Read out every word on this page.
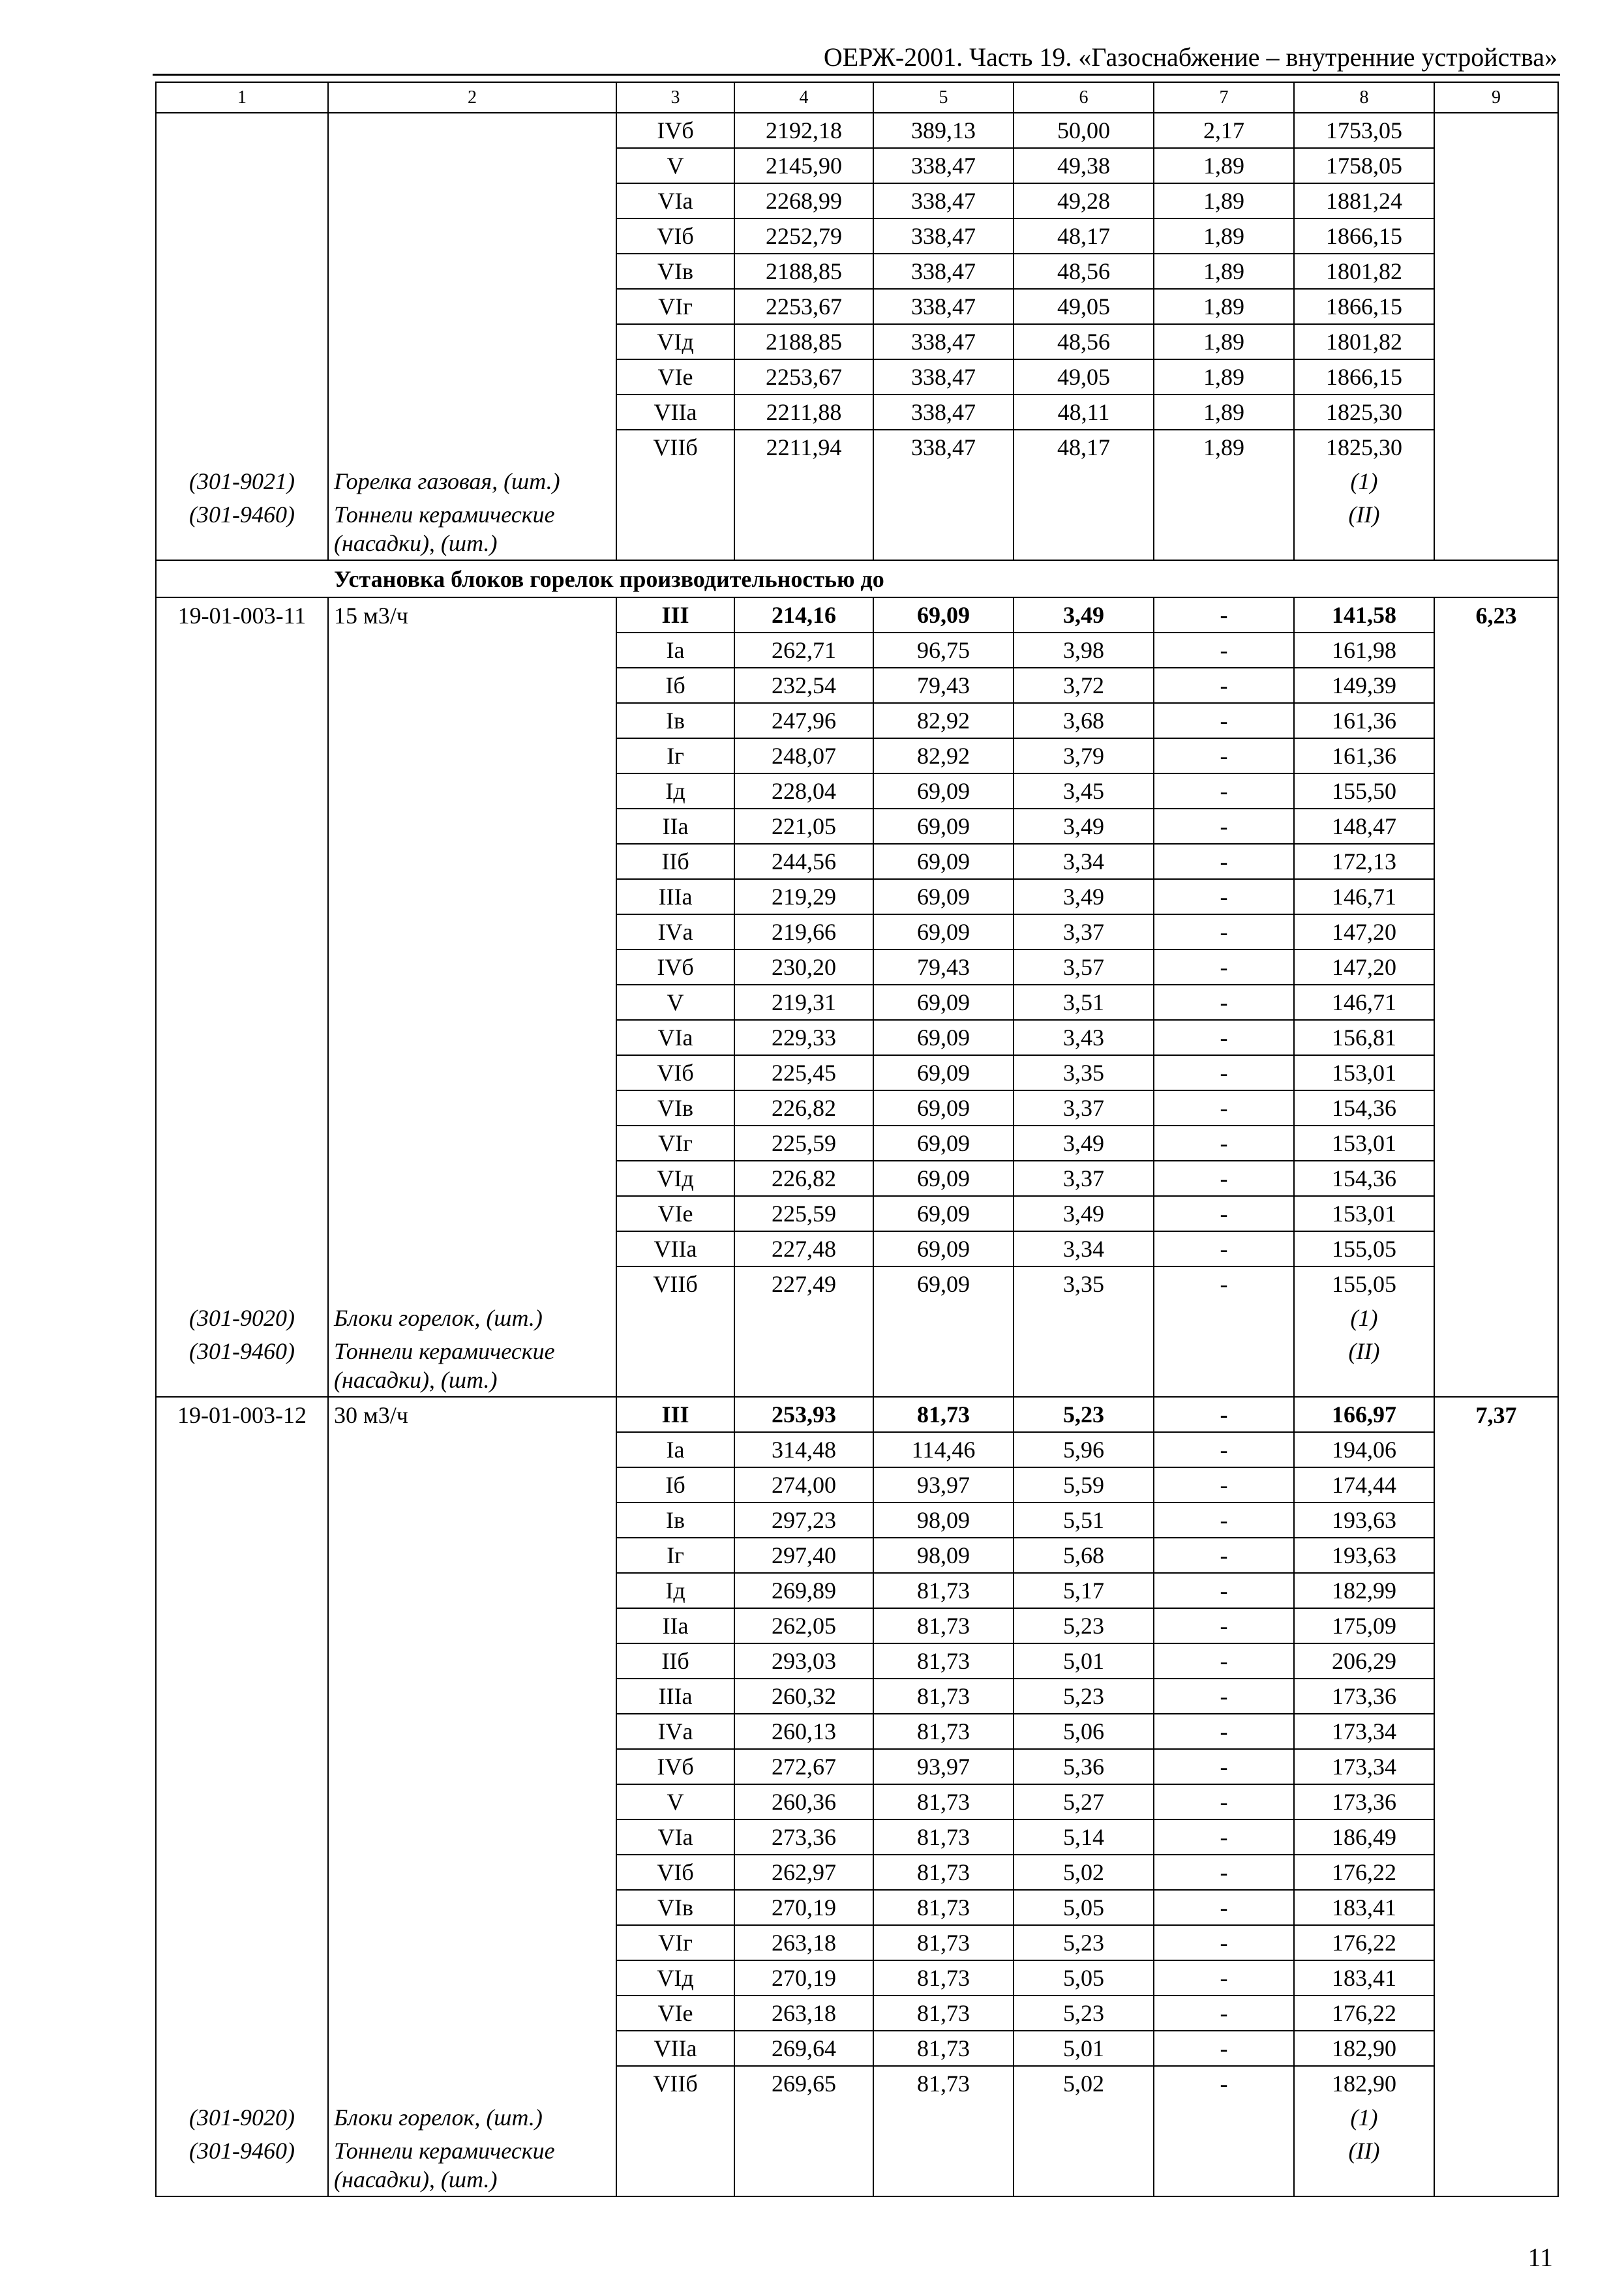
ОЕРЖ-2001. Часть 19. «Газоснабжение – внутренние устройства»
1	2	3	4	5	6	7	8	9
		IVб	2192,18	389,13	50,00	2,17	1753,05	
		V	2145,90	338,47	49,38	1,89	1758,05	
		VIа	2268,99	338,47	49,28	1,89	1881,24	
		VIб	2252,79	338,47	48,17	1,89	1866,15	
		VIв	2188,85	338,47	48,56	1,89	1801,82	
		VIг	2253,67	338,47	49,05	1,89	1866,15	
		VIд	2188,85	338,47	48,56	1,89	1801,82	
		VIе	2253,67	338,47	49,05	1,89	1866,15	
		VIIа	2211,88	338,47	48,11	1,89	1825,30	
		VIIб	2211,94	338,47	48,17	1,89	1825,30	
(301-9021)	Горелка газовая, (шт.)						(1)	
(301-9460)	Тоннели керамические (насадки), (шт.)						(II)	
Установка блоков горелок производительностью до								
19-01-003-11	15 м3/ч	III	214,16	69,09	3,49	-	141,58	6,23
		Iа	262,71	96,75	3,98	-	161,98	
		Iб	232,54	79,43	3,72	-	149,39	
		Iв	247,96	82,92	3,68	-	161,36	
		Iг	248,07	82,92	3,79	-	161,36	
		Iд	228,04	69,09	3,45	-	155,50	
		IIа	221,05	69,09	3,49	-	148,47	
		IIб	244,56	69,09	3,34	-	172,13	
		IIIа	219,29	69,09	3,49	-	146,71	
		IVа	219,66	69,09	3,37	-	147,20	
		IVб	230,20	79,43	3,57	-	147,20	
		V	219,31	69,09	3,51	-	146,71	
		VIа	229,33	69,09	3,43	-	156,81	
		VIб	225,45	69,09	3,35	-	153,01	
		VIв	226,82	69,09	3,37	-	154,36	
		VIг	225,59	69,09	3,49	-	153,01	
		VIд	226,82	69,09	3,37	-	154,36	
		VIе	225,59	69,09	3,49	-	153,01	
		VIIа	227,48	69,09	3,34	-	155,05	
		VIIб	227,49	69,09	3,35	-	155,05	
(301-9020)	Блоки горелок, (шт.)						(1)	
(301-9460)	Тоннели керамические (насадки), (шт.)						(II)	
19-01-003-12	30 м3/ч	III	253,93	81,73	5,23	-	166,97	7,37
		Iа	314,48	114,46	5,96	-	194,06	
		Iб	274,00	93,97	5,59	-	174,44	
		Iв	297,23	98,09	5,51	-	193,63	
		Iг	297,40	98,09	5,68	-	193,63	
		Iд	269,89	81,73	5,17	-	182,99	
		IIа	262,05	81,73	5,23	-	175,09	
		IIб	293,03	81,73	5,01	-	206,29	
		IIIа	260,32	81,73	5,23	-	173,36	
		IVа	260,13	81,73	5,06	-	173,34	
		IVб	272,67	93,97	5,36	-	173,34	
		V	260,36	81,73	5,27	-	173,36	
		VIа	273,36	81,73	5,14	-	186,49	
		VIб	262,97	81,73	5,02	-	176,22	
		VIв	270,19	81,73	5,05	-	183,41	
		VIг	263,18	81,73	5,23	-	176,22	
		VIд	270,19	81,73	5,05	-	183,41	
		VIе	263,18	81,73	5,23	-	176,22	
		VIIа	269,64	81,73	5,01	-	182,90	
		VIIб	269,65	81,73	5,02	-	182,90	
(301-9020)	Блоки горелок, (шт.)						(1)	
(301-9460)	Тоннели керамические (насадки), (шт.)						(II)	
11
